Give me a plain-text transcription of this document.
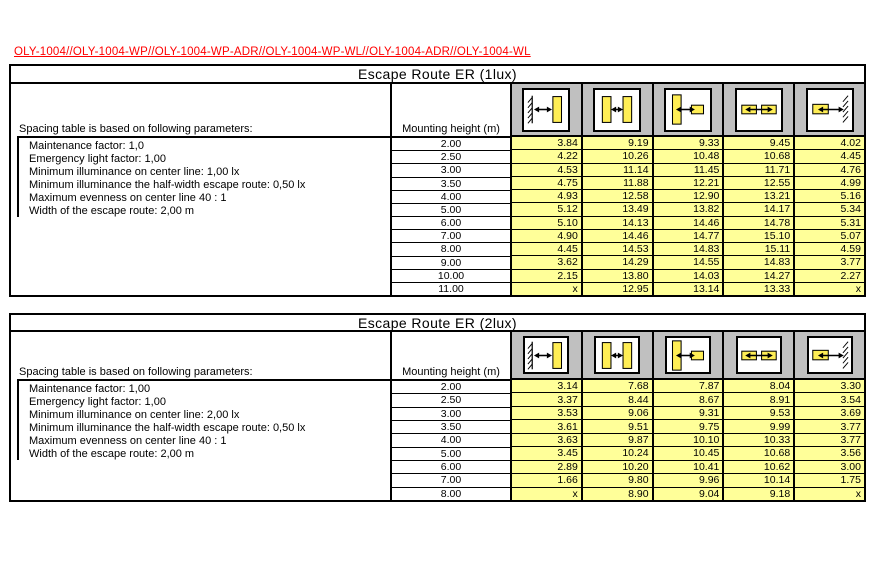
OLY-1004//OLY-1004-WP//OLY-1004-WP-ADR//OLY-1004-WP-WL//OLY-1004-ADR//OLY-1004-WL
Escape Route ER (1lux)
Spacing table is based on following parameters:
Maintenance factor: 1,0
Emergency light factor: 1,00
Minimum illuminance on center line: 1,00 lx
Minimum illuminance the half-width escape route: 0,50 lx
Maximum evenness on center line 40 : 1
Width of the escape route: 2,00 m
Mounting height (m)
2.00
2.50
3.00
3.50
4.00
5.00
6.00
7.00
8.00
9.00
10.00
11.00
3.84
4.22
4.53
4.75
4.93
5.12
5.10
4.90
4.45
3.62
2.15
x
9.19
10.26
11.14
11.88
12.58
13.49
14.13
14.46
14.53
14.29
13.80
12.95
9.33
10.48
11.45
12.21
12.90
13.82
14.46
14.77
14.83
14.55
14.03
13.14
9.45
10.68
11.71
12.55
13.21
14.17
14.78
15.10
15.11
14.83
14.27
13.33
4.02
4.45
4.76
4.99
5.16
5.34
5.31
5.07
4.59
3.77
2.27
x
Escape Route ER (2lux)
Spacing table is based on following parameters:
Maintenance factor: 1,00
Emergency light factor: 1,00
Minimum illuminance on center line: 2,00 lx
Minimum illuminance the half-width escape route: 0,50 lx
Maximum evenness on center line 40 : 1
Width of the escape route: 2,00 m
Mounting height (m)
2.00
2.50
3.00
3.50
4.00
5.00
6.00
7.00
8.00
3.14
3.37
3.53
3.61
3.63
3.45
2.89
1.66
x
7.68
8.44
9.06
9.51
9.87
10.24
10.20
9.80
8.90
7.87
8.67
9.31
9.75
10.10
10.45
10.41
9.96
9.04
8.04
8.91
9.53
9.99
10.33
10.68
10.62
10.14
9.18
3.30
3.54
3.69
3.77
3.77
3.56
3.00
1.75
x
